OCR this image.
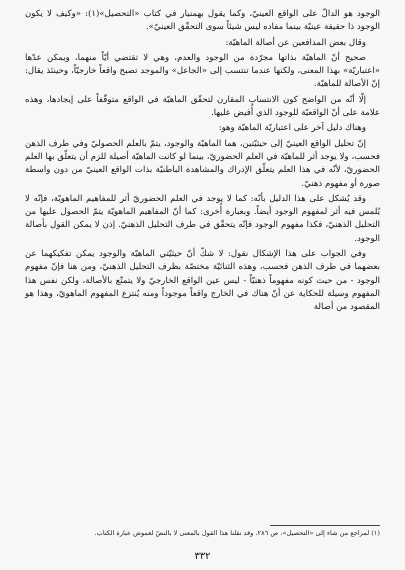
الوجود هو الدالّ على الواقع العينيّ، وكما يقول بهمنيار في كتاب «التحصيل»(١): «وكيف لا يكون الوجود ذا حقيقة عينيّة بينما مفاده ليس شيئاً سوى التحقّق العينيّ».

وقال بعض المدافعين عن أصالة الماهيّة:

صحيح أنّ الماهيّة بذاتها مجرّدة من الوجود والعدم، وهي لا تقتضي أيّاً منهما، ويمكن عدّها «اعتباريّة» بهذا المعنى، ولكنها عندما تنتسب إلى «الجاعل» والموجد تصبح واقعاً خارجيّاً، وحينئذ يقال: إنّ الأصالة للماهيّة.

إلّا أنّه من الواضح كون الانتساب المقارن لتحقّق الماهيّة في الواقع متوقّفاً على إيجادها، وهذه علامة على أنّ الواقعيّة للوجود الذي أُفيض عليها.

وهناك دليل آخر على اعتباريّة الماهيّة وهو:

إنّ تحليل الواقع العينيّ إلى حيثيّتين، هما الماهيّة والوجود، يتمّ بالعلم الحصوليّ وفي طرف الذهن فحسب، ولا يوجد أثر للماهيّة في العلم الحضوريّ، بينما لو كانت الماهيّة أصيلة للزم أن يتعلّق بها العلم الحضوريّ، لأنّه في هذا العلم يتعلّق الإدراك والمشاهدة الباطنيّة بذات الواقع العينيّ من دون واسطة صورة أو مفهوم ذهنيّ.

وقد يُشكل على هذا الدليل بأنّه: كما لا يوجد في العلم الحضوريّ أثر للمفاهيم الماهويّة، فإنّه لا يُلمس فيه أثر لمفهوم الوجود أيضاً. وبعبارة أُخرى: كما أنّ المفاهيم الماهويّة يتمّ الحصول عليها من التحليل الذهنيّ، فكذا مفهوم الوجود فإنّه يتحقّق في طرف التحليل الذهنيّ. إذن لا يمكن القول بأصالة الوجود.

وفي الجواب على هذا الإشكال نقول: لا شكّ أنّ حيثيّتي الماهيّة والوجود يمكن تفكيكهما عن بعضهما في طرف الذهن فحسب، وهذه الثنائيّة مختصّة بظرف التحليل الذهنيّ، ومن هنا فإنّ مفهوم الوجود - من حيث كونه مفهوماً ذهنيّاً - ليس عين الواقع الخارجيّ ولا يتمتّع بالأصالة، ولكن نفس هذا المفهوم وسيلة للحكاية عن أنّ هناك في الخارج واقعاً موجوداً ومنه يُنتزع المفهوم الماهويّ، وهذا هو المقصود من أصالة

(١) لمراجع من شاء إلى «التحصيل»، ص ٢٨٦. وقد نقلنا هذا القول بالمعنى لا بالنصّ لغموض عبارة الكتاب.
٣٣٢
